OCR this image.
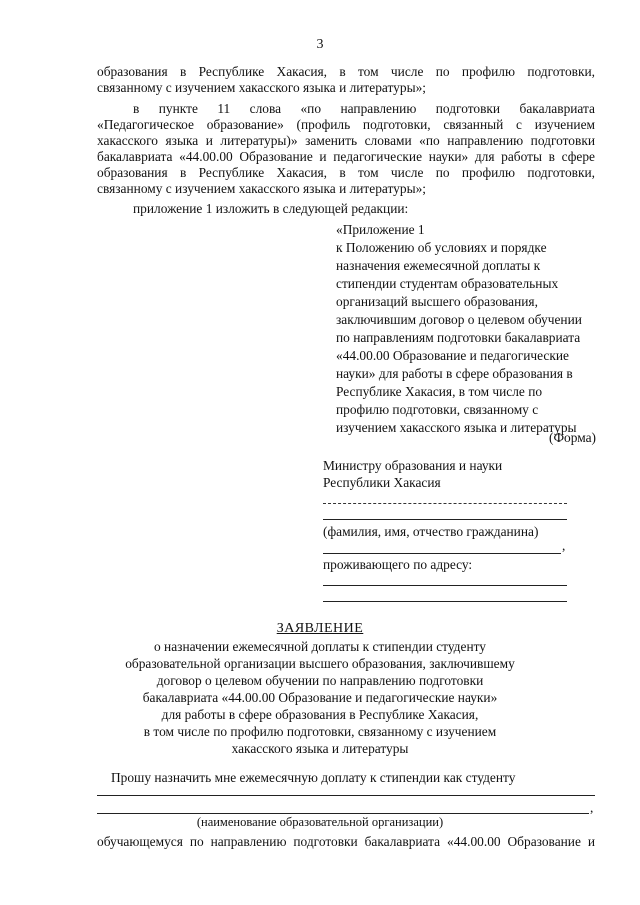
3
образования в Республике Хакасия, в том числе по профилю подготовки,
связанному с изучением хакасского языка и литературы»;
в пункте 11 слова «по направлению подготовки бакалавриата
«Педагогическое образование» (профиль подготовки, связанный с изучением
хакасского языка и литературы)» заменить словами «по направлению подготовки
бакалавриата «44.00.00 Образование и педагогические науки» для работы в сфере
образования в Республике Хакасия, в том числе по профилю подготовки,
связанному с изучением хакасского языка и литературы»;
приложение 1 изложить в следующей редакции:
«Приложение 1
к Положению об условиях и порядке
назначения ежемесячной доплаты к
стипендии студентам образовательных
организаций высшего образования,
заключившим договор о целевом обучении
по направлениям подготовки бакалавриата
«44.00.00 Образование и педагогические
науки» для работы в сфере образования в
Республике Хакасия, в том числе по
профилю подготовки, связанному с
изучением хакасского языка и литературы
(Форма)
Министру образования и науки
Республики Хакасия
(фамилия, имя, отчество гражданина)
,
проживающего по адресу:
ЗАЯВЛЕНИЕ
о назначении ежемесячной доплаты к стипендии студенту
образовательной организации высшего образования, заключившему
договор о целевом обучении по направлению подготовки
бакалавриата «44.00.00 Образование и педагогические науки»
для работы в сфере образования в Республике Хакасия,
в том числе по профилю подготовки, связанному с изучением
хакасского языка и литературы
Прошу назначить мне ежемесячную доплату к стипендии как студенту
,
(наименование образовательной организации)
обучающемуся по направлению подготовки бакалавриата «44.00.00 Образование и
